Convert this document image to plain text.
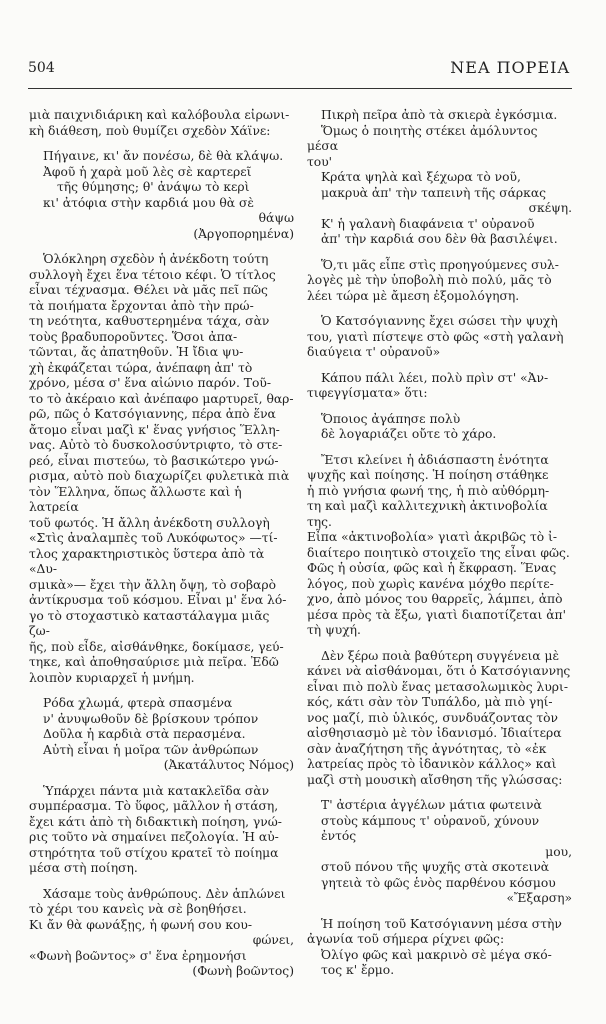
504	ΝΕΑ ΠΟΡΕΙΑ

μιὰ παιχνιδιάρικη καὶ καλόβουλα εἰρωνι-

κὴ διάθεση, ποὺ θυμίζει σχεδὸν Χάϊνε:

Πήγαινε, κι' ἄν πονέσω, δὲ θὰ κλάψω.

Ἀφοῦ ἡ χαρὰ μοῦ λὲς σὲ καρτερεῖ

τῆς θύμησης; θ' ἀνάψω τὸ κερὶ

κι' ἀτόφια στὴν καρδιά μου θὰ σὲ

θάψω

(Ἀργοπορημένα)

Ὁλόκληρη σχεδὸν ἡ ἀνέκδοτη τούτη

συλλογὴ ἔχει ἕνα τέτοιο κέφι. Ὁ τίτλος

εἶναι τέχνασμα. Θέλει νὰ μᾶς πεῖ πῶς

τὰ ποιήματα ἔρχονται ἀπὸ τὴν πρώ-

τη νεότητα, καθυστερημένα τάχα, σὰν

τοὺς βραδυπορoῦντες. Ὅσοι ἀπα-

τῶνται, ἄς ἀπατηθοῦν. Ἡ ἴδια ψυ-

χὴ ἐκφάζεται τώρα, ἀνέπαφη ἀπ' τὸ

χρόνο, μέσα σ' ἕνα αἰώνιο παρόν. Τοῦ-

το τὸ ἀκέραιο καὶ ἀνέπαφο μαρτυρεῖ, θαρ-

ρῶ, πῶς ὁ Κατσόγιαννης, πέρα ἀπὸ ἕνα

ἄτομο εἶναι μαζὶ κ' ἕνας γνήσιος Ἕλλη-

νας. Αὐτὸ τὸ δυσκολοσύντριφτο, τὸ στε-

ρεό, εἶναι πιστεύω, τὸ βασικώτερο γνώ-

ρισμα, αὐτὸ ποὺ διαχωρίζει φυλετικὰ πιὰ

τὸν Ἕλληνα, ὅπως ἄλλωστε καὶ ἡ λατρεία

τοῦ φωτός. Ἡ ἄλλη ἀνέκδοτη συλλογὴ

«Στὶς ἀναλαμπὲς τοῦ Λυκόφωτος» —τί-

τλος χαρακτηριστικὸς ὕστερα ἀπὸ τὰ «Δυ-

σμικὰ»— ἔχει τὴν ἄλλη ὄψη, τὸ σοβαρὸ

ἀντίκρυσμα τοῦ κόσμου. Εἶναι μ' ἕνα λό-

γο τὸ στοχαστικὸ καταστάλαγμα μιᾶς ζω-

ῆς, ποὺ εἶδε, αἰσθάνθηκε, δοκίμασε, γεύ-

τηκε, καὶ ἀποθησαύρισε μιὰ πεῖρα. Ἐδῶ

λοιπὸν κυριαρχεῖ ἡ μνήμη.

Ρόδα χλωμά, φτερὰ σπασμένα

ν' ἀνυψωθοῦν δὲ βρίσκουν τρόπον

Δοῦλα ἡ καρδιὰ στὰ περασμένα.

Αὐτὴ εἶναι ἡ μοῖρα τῶν ἀνθρώπων

(Ἀκατάλυτος Νόμος)

Ὑπάρχει πάντα μιὰ κατακλεῖδα σὰν

συμπέρασμα. Τὸ ὕφος, μᾶλλον ἡ στάση,

ἔχει κάτι ἀπὸ τὴ διδακτικὴ ποίηση, γνώ-

ρις τοῦτο νὰ σημαίνει πεζολογία. Ἡ αὐ-

στηρότητα τοῦ στίχου κρατεῖ τὸ ποίημα

μέσα στὴ ποίηση.

Χάσαμε τοὺς ἀνθρώπους. Δὲν ἁπλώνει

τὸ χέρι του κανεὶς νὰ σὲ βοηθήσει.

Κι ἄν θὰ φωνάξῃς, ἡ φωνή σου κου-

φώνει,

«Φωνὴ βοῶντος» σ' ἕνα ἐρημονήσι

(Φωνὴ βοῶντος)

Πικρὴ πεῖρα ἀπὸ τὰ σκιερὰ ἐγκόσμια.

Ὅμως ὁ ποιητὴς στέκει ἀμόλυντος μέσα

του'

Κράτα ψηλὰ καὶ ξέχωρα τὸ νοῦ,

μακρυὰ ἀπ' τὴν ταπεινὴ τῆς σάρκας

σκέψη.

Κ' ἡ γαλανὴ διαφάνεια τ' οὐρανοῦ

ἀπ' τὴν καρδιά σου δὲν θὰ βασιλέψει.

Ὅ,τι μᾶς εἶπε στὶς προηγούμενες συλ-

λογὲς μὲ τὴν ὑποβολὴ πιὸ πολύ, μᾶς τὸ

λέει τώρα μὲ ἄμεση ἐξομολόγηση.

Ὁ Κατσόγιαννης ἔχει σώσει τὴν ψυχὴ

του, γιατὶ πίστεψε στὸ φῶς «στὴ γαλανὴ

διαύγεια τ' οὐρανοῦ»

Κάπου πάλι λέει, πολὺ πρὶν στ' «Ἀν-

τιφεγγίσματα» ὅτι:

Ὅποιος ἀγάπησε πολὺ

δὲ λογαριάζει οὔτε τὸ χάρο.

Ἔτσι κλείνει ἡ ἀδιάσπαστη ἑνότητα

ψυχῆς καὶ ποίησης. Ἡ ποίηση στάθηκε

ἡ πιὸ γνήσια φωνή της, ἡ πιὸ αὐθόρμη-

τη καὶ μαζὶ καλλιτεχνικὴ ἀκτινοβολία της.

Εἶπα «ἀκτινοβολία» γιατὶ ἀκριβῶς τὸ ἰ-

διαίτερο ποιητικὸ στοιχεῖο της εἶναι φῶς.

Φῶς ἡ οὐσία, φῶς καὶ ἡ ἔκφραση. Ἕνας

λόγος, ποὺ χωρὶς κανένα μόχθο περίτε-

χνο, ἀπὸ μόνος του θαρρεῖς, λάμπει, ἀπὸ

μέσα πρὸς τὰ ἔξω, γιατὶ διαποτίζεται ἀπ'

τὴ ψυχή.

Δὲν ξέρω ποιὰ βαθύτερη συγγένεια μὲ

κάνει νὰ αἰσθάνομαι, ὅτι ὁ Κατσόγιαννης

εἶναι πιὸ πολὺ ἕνας μετασολωμικὸς λυρι-

κός, κάτι σὰν τὸν Τυπάλδο, μὰ πιὸ γηί-

νος μαζί, πιὸ ὑλικός, συνδυάζοντας τὸν

αἰσθησιασμὸ μὲ τὸν ἰδανισμό. Ἰδιαίτερα

σὰν ἀναζήτηση τῆς ἀγνότητας, τὸ «ἐκ

λατρείας πρὸς τὸ ἰδανικὸν κάλλος» καὶ

μαζὶ στὴ μουσικὴ αἴσθηση τῆς γλώσσας:

Τ' ἀστέρια ἀγγέλων μάτια φωτεινὰ

στοὺς κάμπους τ' οὐρανοῦ, χύνουν ἐντός

μου,

στοῦ πόνου τῆς ψυχῆς στὰ σκοτεινὰ

γητειὰ τὸ φῶς ἑνὸς παρθένου κόσμου

«Ἔξαρση»

Ἡ ποίηση τοῦ Κατσόγιαννη μέσα στὴν

ἀγωνία τοῦ σήμερα ρίχνει φῶς:

Ὀλίγο φῶς καὶ μακρινὸ σὲ μέγα σκό-

τος κ' ἔρμο.
